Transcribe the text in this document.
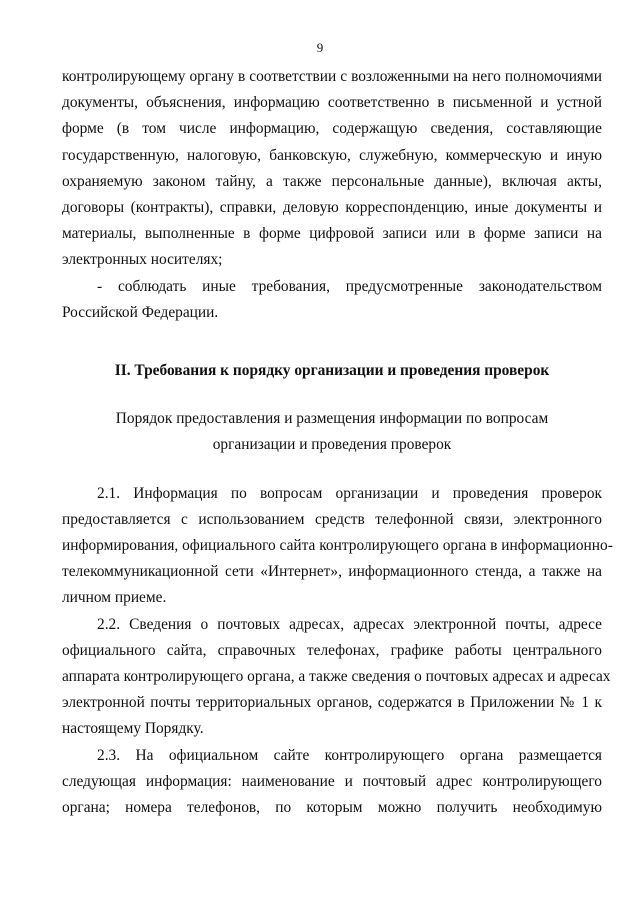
9
контролирующему органу в соответствии с возложенными на него полномочиями
документы, объяснения, информацию соответственно в письменной и устной
форме (в том числе информацию, содержащую сведения, составляющие
государственную, налоговую, банковскую, служебную, коммерческую и иную
охраняемую законом тайну, а также персональные данные), включая акты,
договоры (контракты), справки, деловую корреспонденцию, иные документы и
материалы, выполненные в форме цифровой записи или в форме записи на
электронных носителях;
- соблюдать иные требования, предусмотренные законодательством
Российской Федерации.
II. Требования к порядку организации и проведения проверок
Порядок предоставления и размещения информации по вопросам
организации и проведения проверок
2.1. Информация по вопросам организации и проведения проверок
предоставляется с использованием средств телефонной связи, электронного
информирования, официального сайта контролирующего органа в информационно-
телекоммуникационной сети «Интернет», информационного стенда, а также на
личном приеме.
2.2. Сведения о почтовых адресах, адресах электронной почты, адресе
официального сайта, справочных телефонах, графике работы центрального
аппарата контролирующего органа, а также сведения о почтовых адресах и адресах
электронной почты территориальных органов, содержатся в Приложении № 1 к
настоящему Порядку.
2.3. На официальном сайте контролирующего органа размещается
следующая информация: наименование и почтовый адрес контролирующего
органа; номера телефонов, по которым можно получить необходимую
